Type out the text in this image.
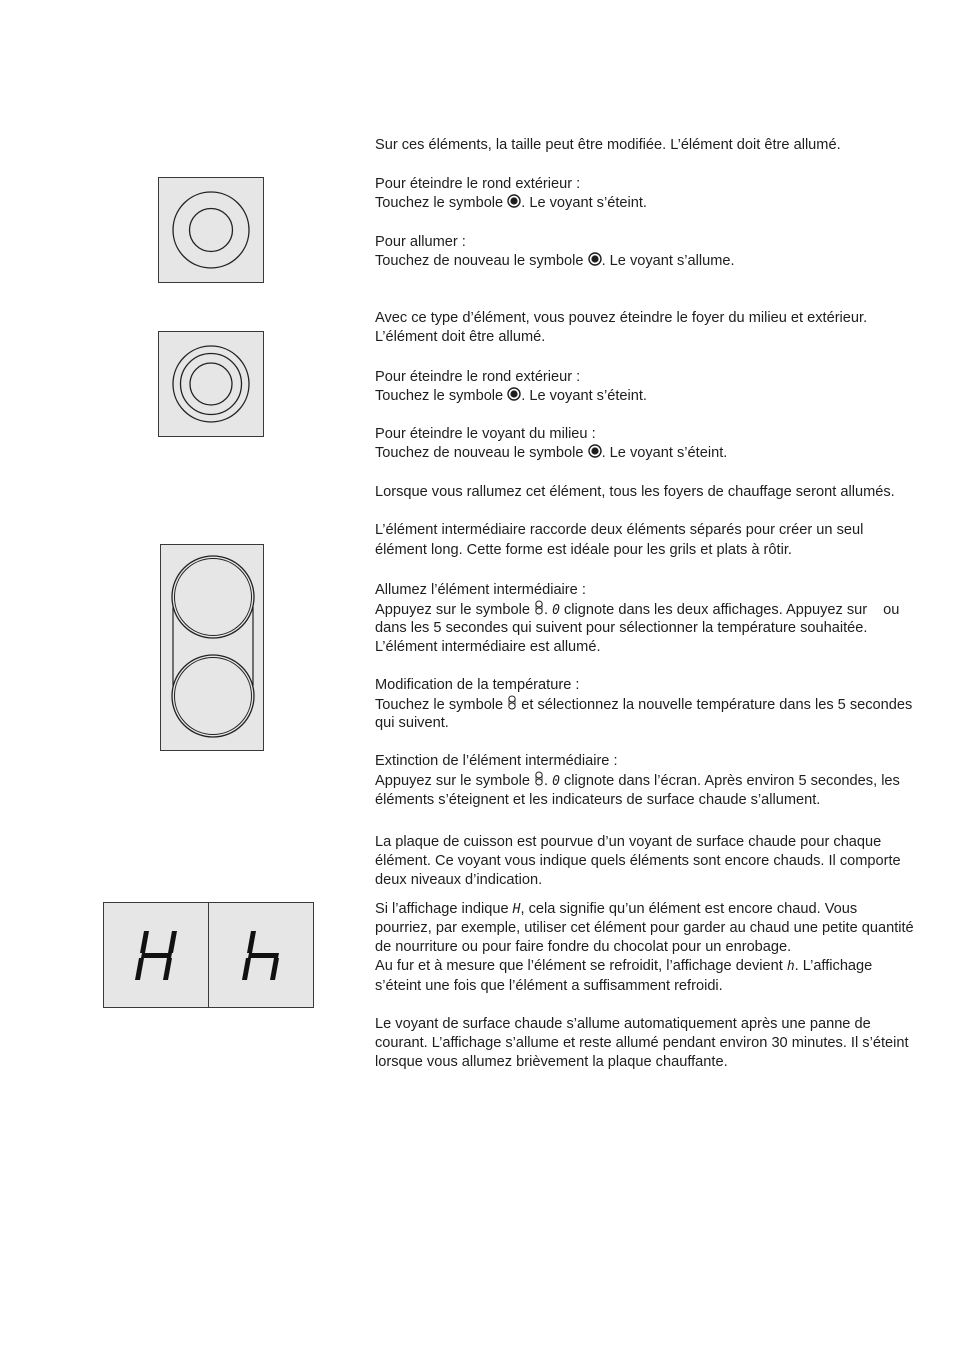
Sur ces éléments, la taille peut être modifiée. L’élément doit être allumé.

Pour éteindre le rond extérieur :

Touchez le symbole . Le voyant s’éteint.

Pour allumer :

Touchez de nouveau le symbole . Le voyant s’allume.

Avec ce type d’élément, vous pouvez éteindre le foyer du milieu et extérieur.

L’élément doit être allumé.

Pour éteindre le rond extérieur :

Touchez le symbole . Le voyant s’éteint.

Pour éteindre le voyant du milieu :

Touchez de nouveau le symbole . Le voyant s’éteint.

Lorsque vous rallumez cet élément, tous les foyers de chauffage seront allumés.

L’élément intermédiaire raccorde deux éléments séparés pour créer un seul

élément long. Cette forme est idéale pour les grils et plats à rôtir.

Allumez l’élément intermédiaire :

Appuyez sur le symbole . 0 clignote dans les deux affichages. Appuyez sur ou

dans les 5 secondes qui suivent pour sélectionner la température souhaitée.

L’élément intermédiaire est allumé.

Modification de la température :

Touchez le symbole  et sélectionnez la nouvelle température dans les 5 secondes

qui suivent.

Extinction de l’élément intermédiaire :

Appuyez sur le symbole . 0 clignote dans l’écran. Après environ 5 secondes, les

éléments s’éteignent et les indicateurs de surface chaude s’allument.

La plaque de cuisson est pourvue d’un voyant de surface chaude pour chaque

élément. Ce voyant vous indique quels éléments sont encore chauds. Il comporte

deux niveaux d’indication.

Si l’affichage indique H, cela signifie qu’un élément est encore chaud. Vous

pourriez, par exemple, utiliser cet élément pour garder au chaud une petite quantité

de nourriture ou pour faire fondre du chocolat pour un enrobage.

Au fur et à mesure que l’élément se refroidit, l’affichage devient h. L’affichage

s’éteint une fois que l’élément a suffisamment refroidi.

Le voyant de surface chaude s’allume automatiquement après une panne de

courant. L’affichage s’allume et reste allumé pendant environ 30 minutes. Il s’éteint

lorsque vous allumez brièvement la plaque chauffante.
